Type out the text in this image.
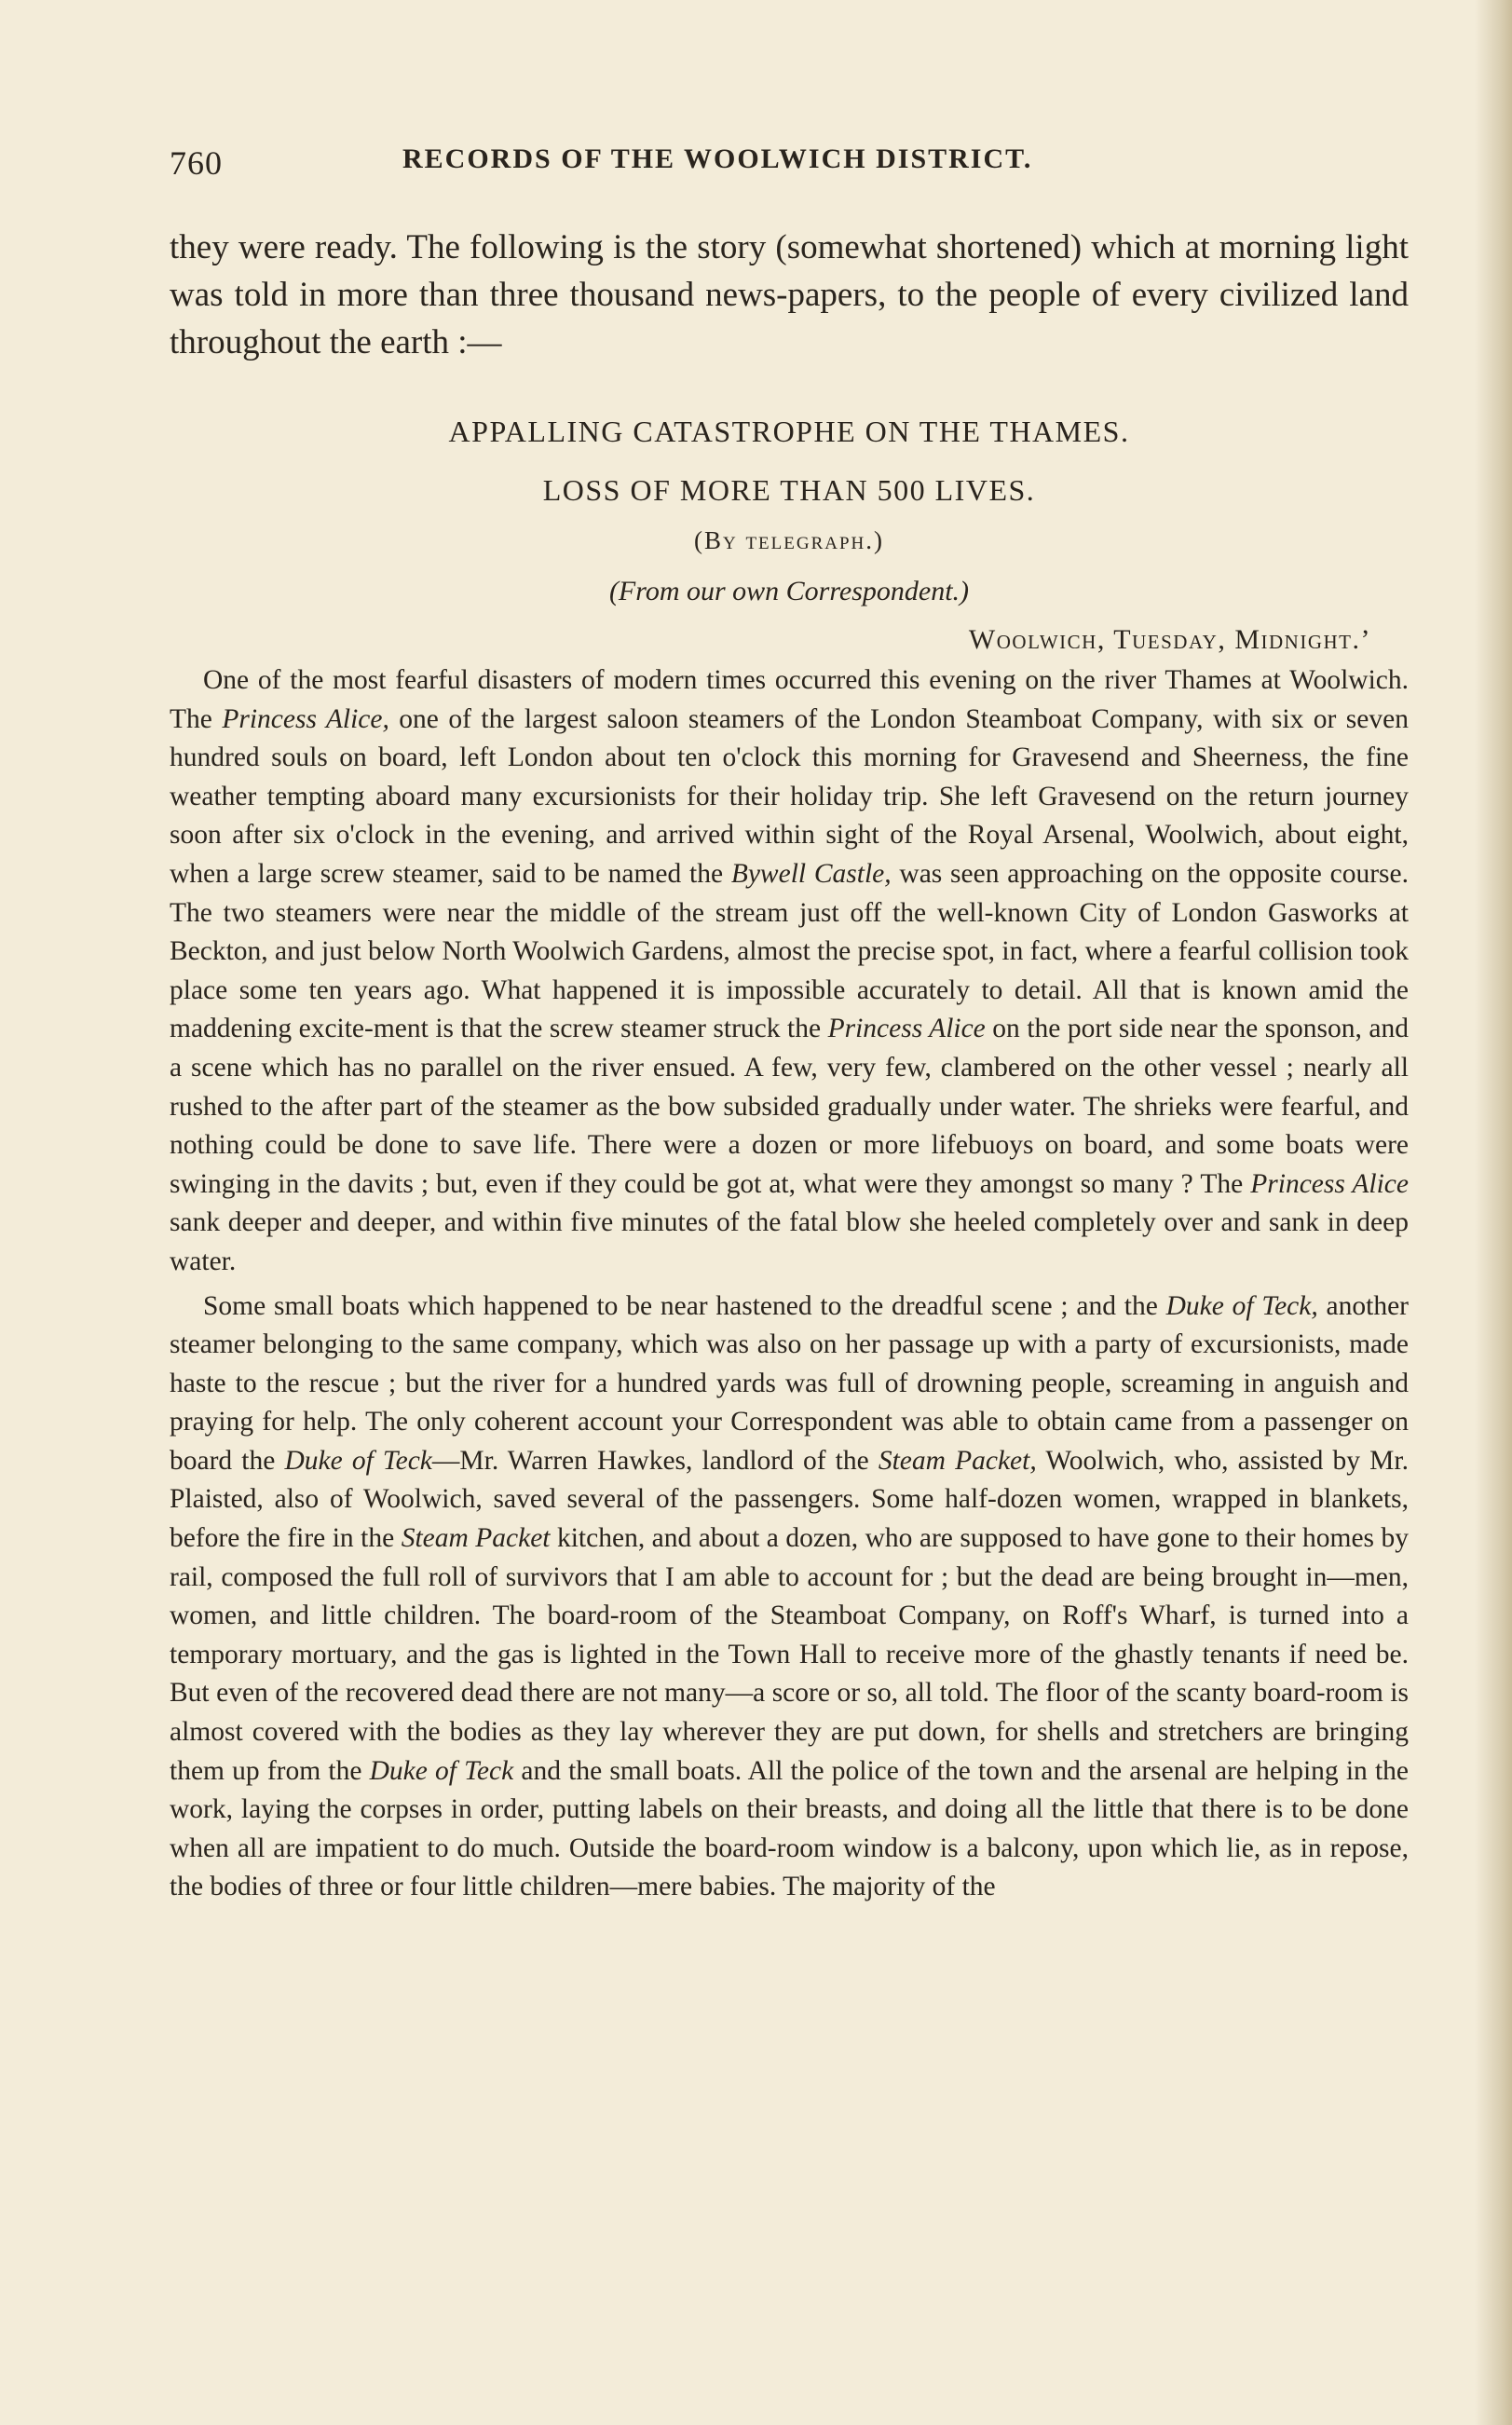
760	RECORDS OF THE WOOLWICH DISTRICT.

they were ready. The following is the story (somewhat shortened) which at morning light was told in more than three thousand news-papers, to the people of every civilized land throughout the earth :—

APPALLING CATASTROPHE ON THE THAMES.

LOSS OF MORE THAN 500 LIVES.

(By telegraph.)

(From our own Correspondent.)

Woolwich, Tuesday, Midnight.’

One of the most fearful disasters of modern times occurred this evening on the river Thames at Woolwich. The Princess Alice, one of the largest saloon steamers of the London Steamboat Company, with six or seven hundred souls on board, left London about ten o'clock this morning for Gravesend and Sheerness, the fine weather tempting aboard many excursionists for their holiday trip. She left Gravesend on the return journey soon after six o'clock in the evening, and arrived within sight of the Royal Arsenal, Woolwich, about eight, when a large screw steamer, said to be named the Bywell Castle, was seen approaching on the opposite course. The two steamers were near the middle of the stream just off the well-known City of London Gasworks at Beckton, and just below North Woolwich Gardens, almost the precise spot, in fact, where a fearful collision took place some ten years ago. What happened it is impossible accurately to detail. All that is known amid the maddening excite-ment is that the screw steamer struck the Princess Alice on the port side near the sponson, and a scene which has no parallel on the river ensued. A few, very few, clambered on the other vessel ; nearly all rushed to the after part of the steamer as the bow subsided gradually under water. The shrieks were fearful, and nothing could be done to save life. There were a dozen or more lifebuoys on board, and some boats were swinging in the davits ; but, even if they could be got at, what were they amongst so many ? The Princess Alice sank deeper and deeper, and within five minutes of the fatal blow she heeled completely over and sank in deep water.

Some small boats which happened to be near hastened to the dreadful scene ; and the Duke of Teck, another steamer belonging to the same company, which was also on her passage up with a party of excursionists, made haste to the rescue ; but the river for a hundred yards was full of drowning people, screaming in anguish and praying for help. The only coherent account your Correspondent was able to obtain came from a passenger on board the Duke of Teck—Mr. Warren Hawkes, landlord of the Steam Packet, Woolwich, who, assisted by Mr. Plaisted, also of Woolwich, saved several of the passengers. Some half-dozen women, wrapped in blankets, before the fire in the Steam Packet kitchen, and about a dozen, who are supposed to have gone to their homes by rail, composed the full roll of survivors that I am able to account for ; but the dead are being brought in—men, women, and little children. The board-room of the Steamboat Company, on Roff's Wharf, is turned into a temporary mortuary, and the gas is lighted in the Town Hall to receive more of the ghastly tenants if need be. But even of the recovered dead there are not many—a score or so, all told. The floor of the scanty board-room is almost covered with the bodies as they lay wherever they are put down, for shells and stretchers are bringing them up from the Duke of Teck and the small boats. All the police of the town and the arsenal are helping in the work, laying the corpses in order, putting labels on their breasts, and doing all the little that there is to be done when all are impatient to do much. Outside the board-room window is a balcony, upon which lie, as in repose, the bodies of three or four little children—mere babies. The majority of the
